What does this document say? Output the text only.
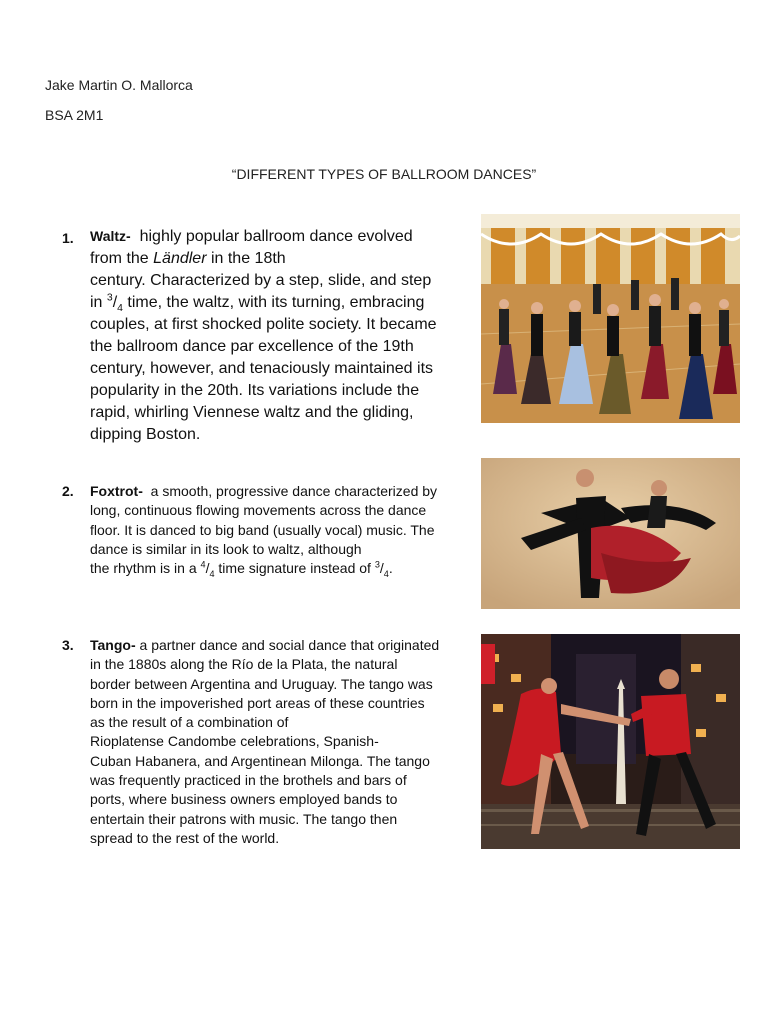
Jake Martin O. Mallorca
BSA 2M1
“DIFFERENT TYPES OF BALLROOM DANCES”
1. Waltz- highly popular ballroom dance evolved
from the Ländler in the 18th
century. Characterized by a step, slide, and step
in $^3/_4$ time, the waltz, with its turning, embracing
couples, at first shocked polite society. It became
the ballroom dance par excellence of the 19th
century, however, and tenaciously maintained its
popularity in the 20th. Its variations include the
rapid, whirling Viennese waltz and the gliding,
dipping Boston.
2. Foxtrot- a smooth, progressive dance characterized by
long, continuous flowing movements across the dance
floor. It is danced to big band (usually vocal) music. The
dance is similar in its look to waltz, although
the rhythm is in a $^4/_4$ time signature instead of $^3/_4$.
3. Tango- a partner dance and social dance that originated
in the 1880s along the Río de la Plata, the natural
border between Argentina and Uruguay. The tango was
born in the impoverished port areas of these countries
as the result of a combination of
Rioplatense Candombe celebrations, Spanish-
Cuban Habanera, and Argentinean Milonga. The tango
was frequently practiced in the brothels and bars of
ports, where business owners employed bands to
entertain their patrons with music. The tango then
spread to the rest of the world.
